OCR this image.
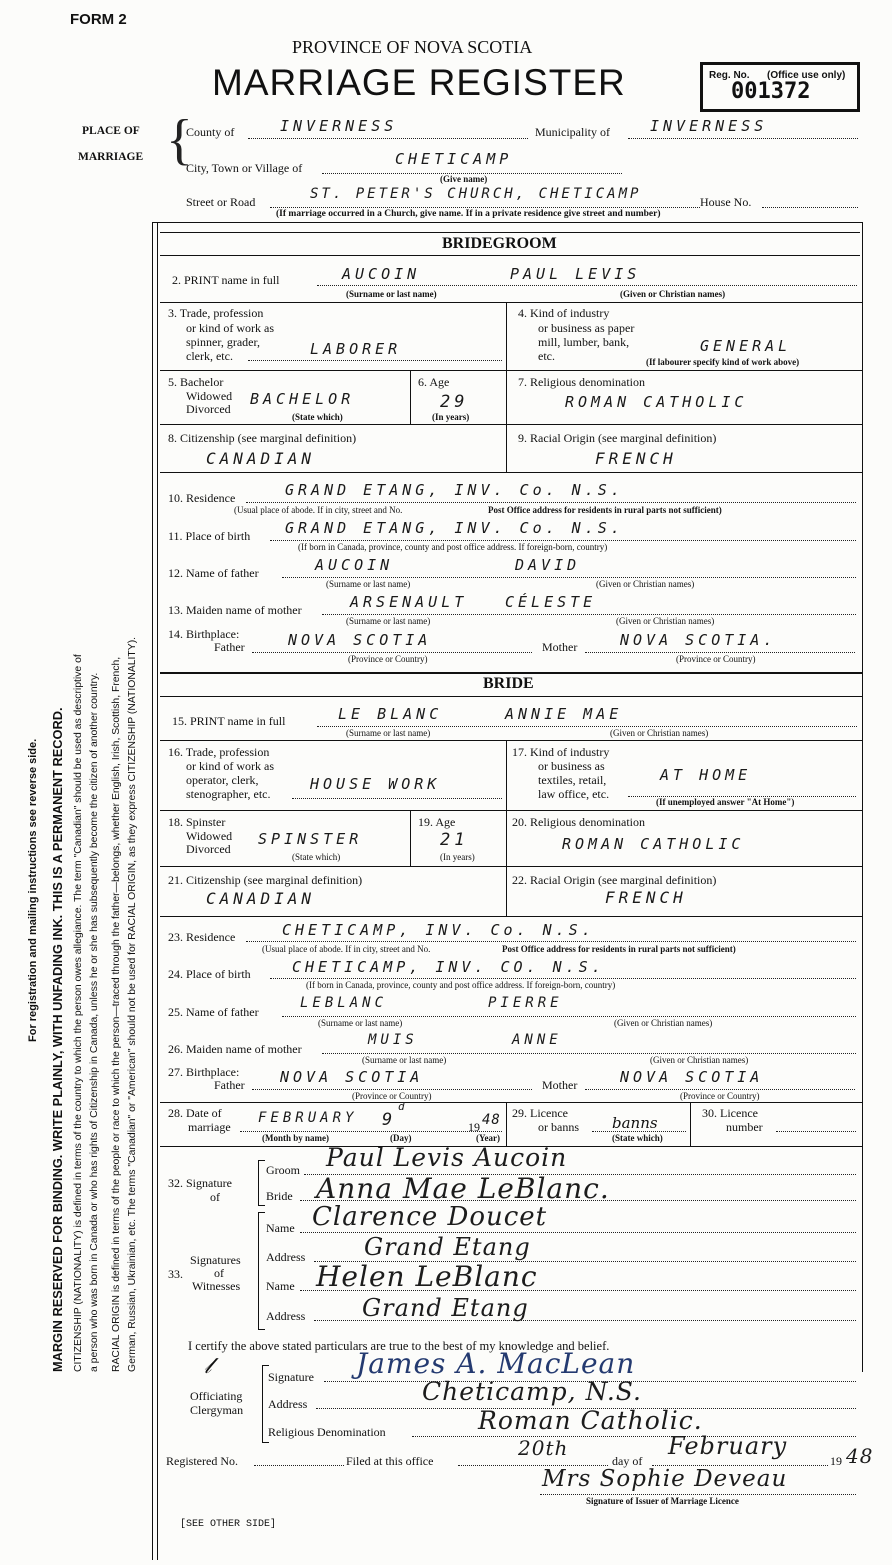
FORM 2
PROVINCE OF NOVA SCOTIA
MARRIAGE REGISTER	Reg. No. (Office use only)
001372
For registration and mailing instructions see reverse side. MARGIN RESERVED FOR BINDING. WRITE PLAINLY, WITH UNFADING INK. THIS IS A PERMANENT RECORD. CITIZENSHIP (NATIONALITY) is defined in terms of the country to which the person owes allegiance. The term "Canadian" should be used as descriptive of a person who was born in Canada or who has rights of Citizenship in Canada, unless he or she has subsequently become the citizen of another country. RACIAL ORIGIN is defined in terms of the people or race to which the person—traced through the father—belongs, whether English, Irish, Scottish, French, German, Russian, Ukrainian, etc. The terms "Canadian" or "American" should not be used for RACIAL ORIGIN, as they express CITIZENSHIP (NATIONALITY).
PLACE OF
MARRIAGE {
County of	INVERNESS	Municipality of	INVERNESS
City, Town or Village of	CHETICAMP
(Give name)
Street or Road	ST. PETER'S CHURCH, CHETICAMP	House No.
(If marriage occurred in a Church, give name. If in a private residence give street and number)
BRIDEGROOM
2. PRINT name in full	AUCOIN	PAUL LEVIS
(Surname or last name)	(Given or Christian names)
3. Trade, profession
or kind of work as
spinner, grader,
clerk, etc.	LABORER
4. Kind of industry
or business as paper
mill, lumber, bank,
etc.
GENERAL
(If labourer specify kind of work above)
5. Bachelor
Widowed
Divorced
BACHELOR
(State which)
6. Age
29
(In years)
7. Religious denomination
ROMAN CATHOLIC
8. Citizenship (see marginal definition)
CANADIAN
9. Racial Origin (see marginal definition)
FRENCH
10. Residence	GRAND ETANG, INV. Co. N.S.
(Usual place of abode. If in city, street and No.	Post Office address for residents in rural parts not sufficient)
11. Place of birth GRAND ETANG, INV. Co. N.S.
(If born in Canada, province, county and post office address. If foreign-born, country)
12. Name of father	AUCOIN	DAVID
(Surname or last name)	(Given or Christian names)
13. Maiden name of mother	ARSENAULT	CÉLESTE
(Surname or last name)	(Given or Christian names)
14. Birthplace:
Father	NOVA SCOTIA	Mother	NOVA SCOTIA.
(Province or Country)	(Province or Country)
BRIDE
15. PRINT name in full	LE BLANC	ANNIE MAE
(Surname or last name)	(Given or Christian names)
16. Trade, profession
or kind of work as
operator, clerk,
stenographer, etc.
HOUSE WORK
17. Kind of industry
or business as
textiles, retail,
law office, etc.
AT HOME
(If unemployed answer "At Home")
18. Spinster
Widowed
Divorced
SPINSTER
(State which)
19. Age
21
(In years)
20. Religious denomination
ROMAN CATHOLIC
21. Citizenship (see marginal definition)
CANADIAN
22. Racial Origin (see marginal definition)
FRENCH
23. Residence	CHETICAMP, INV. Co. N.S.
(Usual place of abode. If in city, street and No.	Post Office address for residents in rural parts not sufficient)
24. Place of birth	CHETICAMP, INV. CO. N.S.
(If born in Canada, province, county and post office address. If foreign-born, country)
25. Name of father
LEBLANC	PIERRE
(Surname or last name)	(Given or Christian names)
26. Maiden name of mother
MUIS	ANNE
(Surname or last name)	(Given or Christian names)
27. Birthplace:
Father NOVA SCOTIA	Mother	NOVA SCOTIA
(Province or Country)	(Province or Country)
28. Date of
marriage
FEBRUARY 9
d
19 48
(Month by name)	(Day)	(Year)
29. Licence
or banns banns
(State which)
30. Licence
number
32. Signature
of
Groom Paul Levis Aucoin
Bride Anna Mae LeBlanc.
33.
Signatures
of
Witnesses
Name Clarence Doucet
Address Grand Etang
Name Helen LeBlanc
Address Grand Etang
I certify the above stated particulars are true to the best of my knowledge and belief.
𝓁
Officiating
Clergyman
Signature James A. MacLean
Address	Cheticamp, N.S.
Religious Denomination	Roman Catholic.
Registered No.	Filed at this office
20th
day of
February
19 48
Mrs Sophie Deveau
Signature of Issuer of Marriage Licence
[SEE OTHER SIDE]
